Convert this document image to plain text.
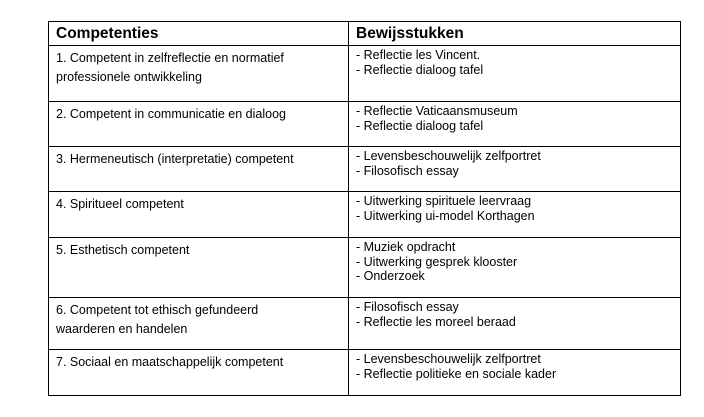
Competenties	Bewijsstukken

1. Competent in zelfreflectie en normatief
professionele ontwikkeling	- Reflectie les Vincent.
- Reflectie dialoog tafel

2. Competent in communicatie en dialoog	- Reflectie Vaticaansmuseum
- Reflectie dialoog tafel

3. Hermeneutisch (interpretatie) competent	- Levensbeschouwelijk zelfportret
- Filosofisch essay

4. Spiritueel competent	- Uitwerking spirituele leervraag
- Uitwerking ui-model Korthagen

5. Esthetisch competent	- Muziek opdracht
- Uitwerking gesprek klooster
- Onderzoek

6. Competent tot ethisch gefundeerd
waarderen en handelen	- Filosofisch essay
- Reflectie les moreel beraad

7. Sociaal en maatschappelijk competent	- Levensbeschouwelijk zelfportret
- Reflectie politieke en sociale kader
